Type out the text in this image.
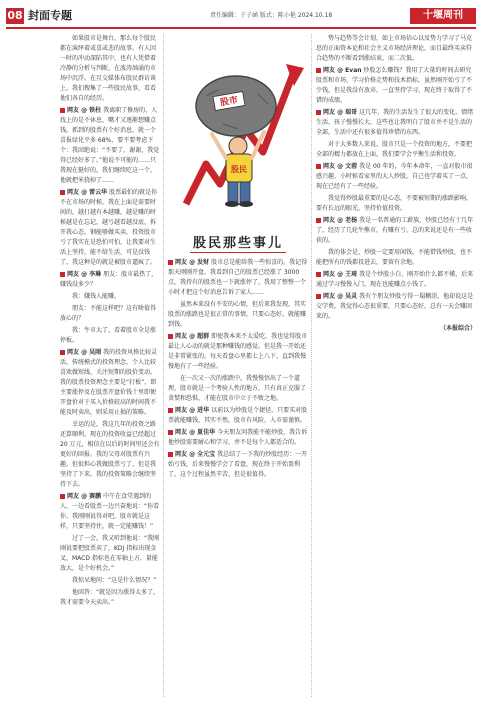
08 封面专题	责任编辑：于子涵 版式：陈小艳 2024.10.18	十堰周刊
股市
股民
股民那些事儿

如果股市是舞台，那么每个股民都在演绎着或喜或悲的故事。有人因一时的冲动深陷其中，也有人凭借着冷静的分析与判断，在波涛汹涌的市场中沉浮。在互交媒体布股民群访谈上，我们搜集了一些股民故事，看看他们各自的经历。

网友 @ 铁柱 我离职了修房的、人找上的是不休息，嘴才又逐渐想赚点钱。抓到的股票有个好消息，就一个喜报绿化平多 68%，要不要考虑下个：我回绝说：“不要了，谢谢，我觉得已经好多了。”他说不可能的……只我现在挺好的，我们继续吃这一个，他就把米挠掉了……

网友 @ 雷云华 股票最怕的就是你不在市场的时候，我在上面是需要时间的，越打越有本越赚，越是赚的时候越是在忘记，越亏越看越没底，拆开我心态，钢能够做买卖，投资股市亏了我实在是恐怕可怕，让我要对生活上坚持，能不给生活，可是没钱了，我这种是的就是被股市逼疯了。

网友 @ 李琳 朋友：股市最热了，嫌钱没多少？

我：嫌钱人能赚。

朋友：不能这样吧？这有啥值得放心的？

我：牛市大了，看着股市全是涨停板。

网友 @ 吴刚 我的投资风格比较灵活，传统模式的投资理念，个人比较喜欢做短线，关注短期的股价变动。我的股票投资理念主要是“打板”，即主要涨停及在股票开盘价钱十里即便开盘价对于买入价格较高的时间我不能及时卖出，则采用止损的策略。

幸运的是，我这几年的投资之路还算顺利，现在的投资收益已经超过 20 万元，相信在以后的时间里还会有更好的回报。我的父母对股票有兴趣，但很担心我做股票亏了，但是我坚持了下来，我的投资策略会继续坚持下去。

网友 @ 赛鹏 中午在食堂遇到的人，一边看股票一边兴奋地说：“你看你、我刚刚说得对吧，股市就是这样，只要坚持住，就一定能赚钱！”

过了一会，我又听到他说：“我刚刚说要把股票卖了，KDJ 指标出现金叉，MACD 指标也在零轴上方，量能放大，是个好机会。”

我惊呆地问：“这是什么情况？”

他回答：“就是因为涨得太多了，我才需要今天卖出。”

网友 @ 发财 股市总是能给我一些惊喜的。我记得那天刚刚开盘，我看到自己的股票已经涨了 3000 点，我持有的股票也一下就涨停了，我用了整整一个小时才把这个好消息告诉了家人……

虽然本来没有不安的心情，但后来我发现，其实股票的涨跌也是很正常的事情，只要心态好，就能赚到钱。

网友 @ 超群 即使我本来不太爱吃，我也觉得股市最让人心动的就是那种赚钱的感觉。但是我一开始还是非常紧张的，每天看盘心里都七上八下，直到我慢慢地有了一些经验。

在一次又一次的涨跌中，我慢慢悟出了一个道理，股市就是一个考验人性的地方，只有真正克服了贪婪和恐惧，才能在股市中立于不败之地。

网友 @ 进华 以前以为炒股是个捷径，只要买对股票就能赚钱，其实不然，股市有风险，入市需谨慎。

网友 @ 夏佳华 今天朋友问我能不能炒股，我告诉他炒股需要耐心和学习，并不是每个人都适合的。

网友 @ 全元宝 我总结了一下我的炒股经历：一开始亏钱，后来慢慢学会了看盘，现在终于开始盈利了，这个过程虽然辛苦，但是很值得。

势与趋势等会计划，如上市场信心以及势力学习了马克思的正面资本论和社会主义市场经济理论，而且最终买卖符合趋势的不断看到涨结束，而二次低。

网友 @ Evan 炒股怎么赚钱？我用了大量的时间去研究股票和市场，学习价格走势和技术指标，虽然刚开始亏了不少钱，但是我没有放弃，一直坚持学习，现在终于取得了不错的成绩。

网友 @ 瑞哥 这几年，我的生活发生了很大的变化，情绪生活，孩子慢慢长大，这些也让我明白了股市并不是生活的全部，生活中还有很多值得珍惜的东西。

对于大多数人来说，股市只是一个投资的地方，不要把全部的精力都放在上面，我们要学会平衡生活和投资。

网友 @ 文蓉 我是 00 年的，今年本命年，一直对股市很感兴趣，小时候看家里的大人炒股，自己也学着买了一点，现在已经有了一些经验。

我觉得炒股最重要的是心态，不要被短期的涨跌影响，要有长远的眼光，坚持价值投资。

网友 @ 老杨 我是一名普通的工薪族，炒股已经有十几年了，经历了几轮牛熊市，有赚有亏，总的来说还是有一些收获的。

我的体会是，炒股一定要用闲钱，不能借钱炒股，也不能把所有的钱都投进去，要留有余地。

网友 @ 王琦 我是个炒股小白，刚开始什么都不懂，后来通过学习慢慢入门，现在也能赚点小钱了。

网友 @ 吴灵 我有个朋友炒股亏得一塌糊涂，他却说这是交学费，我觉得心态很重要，只要心态好，总有一天会赚回来的。

（本报综合）
